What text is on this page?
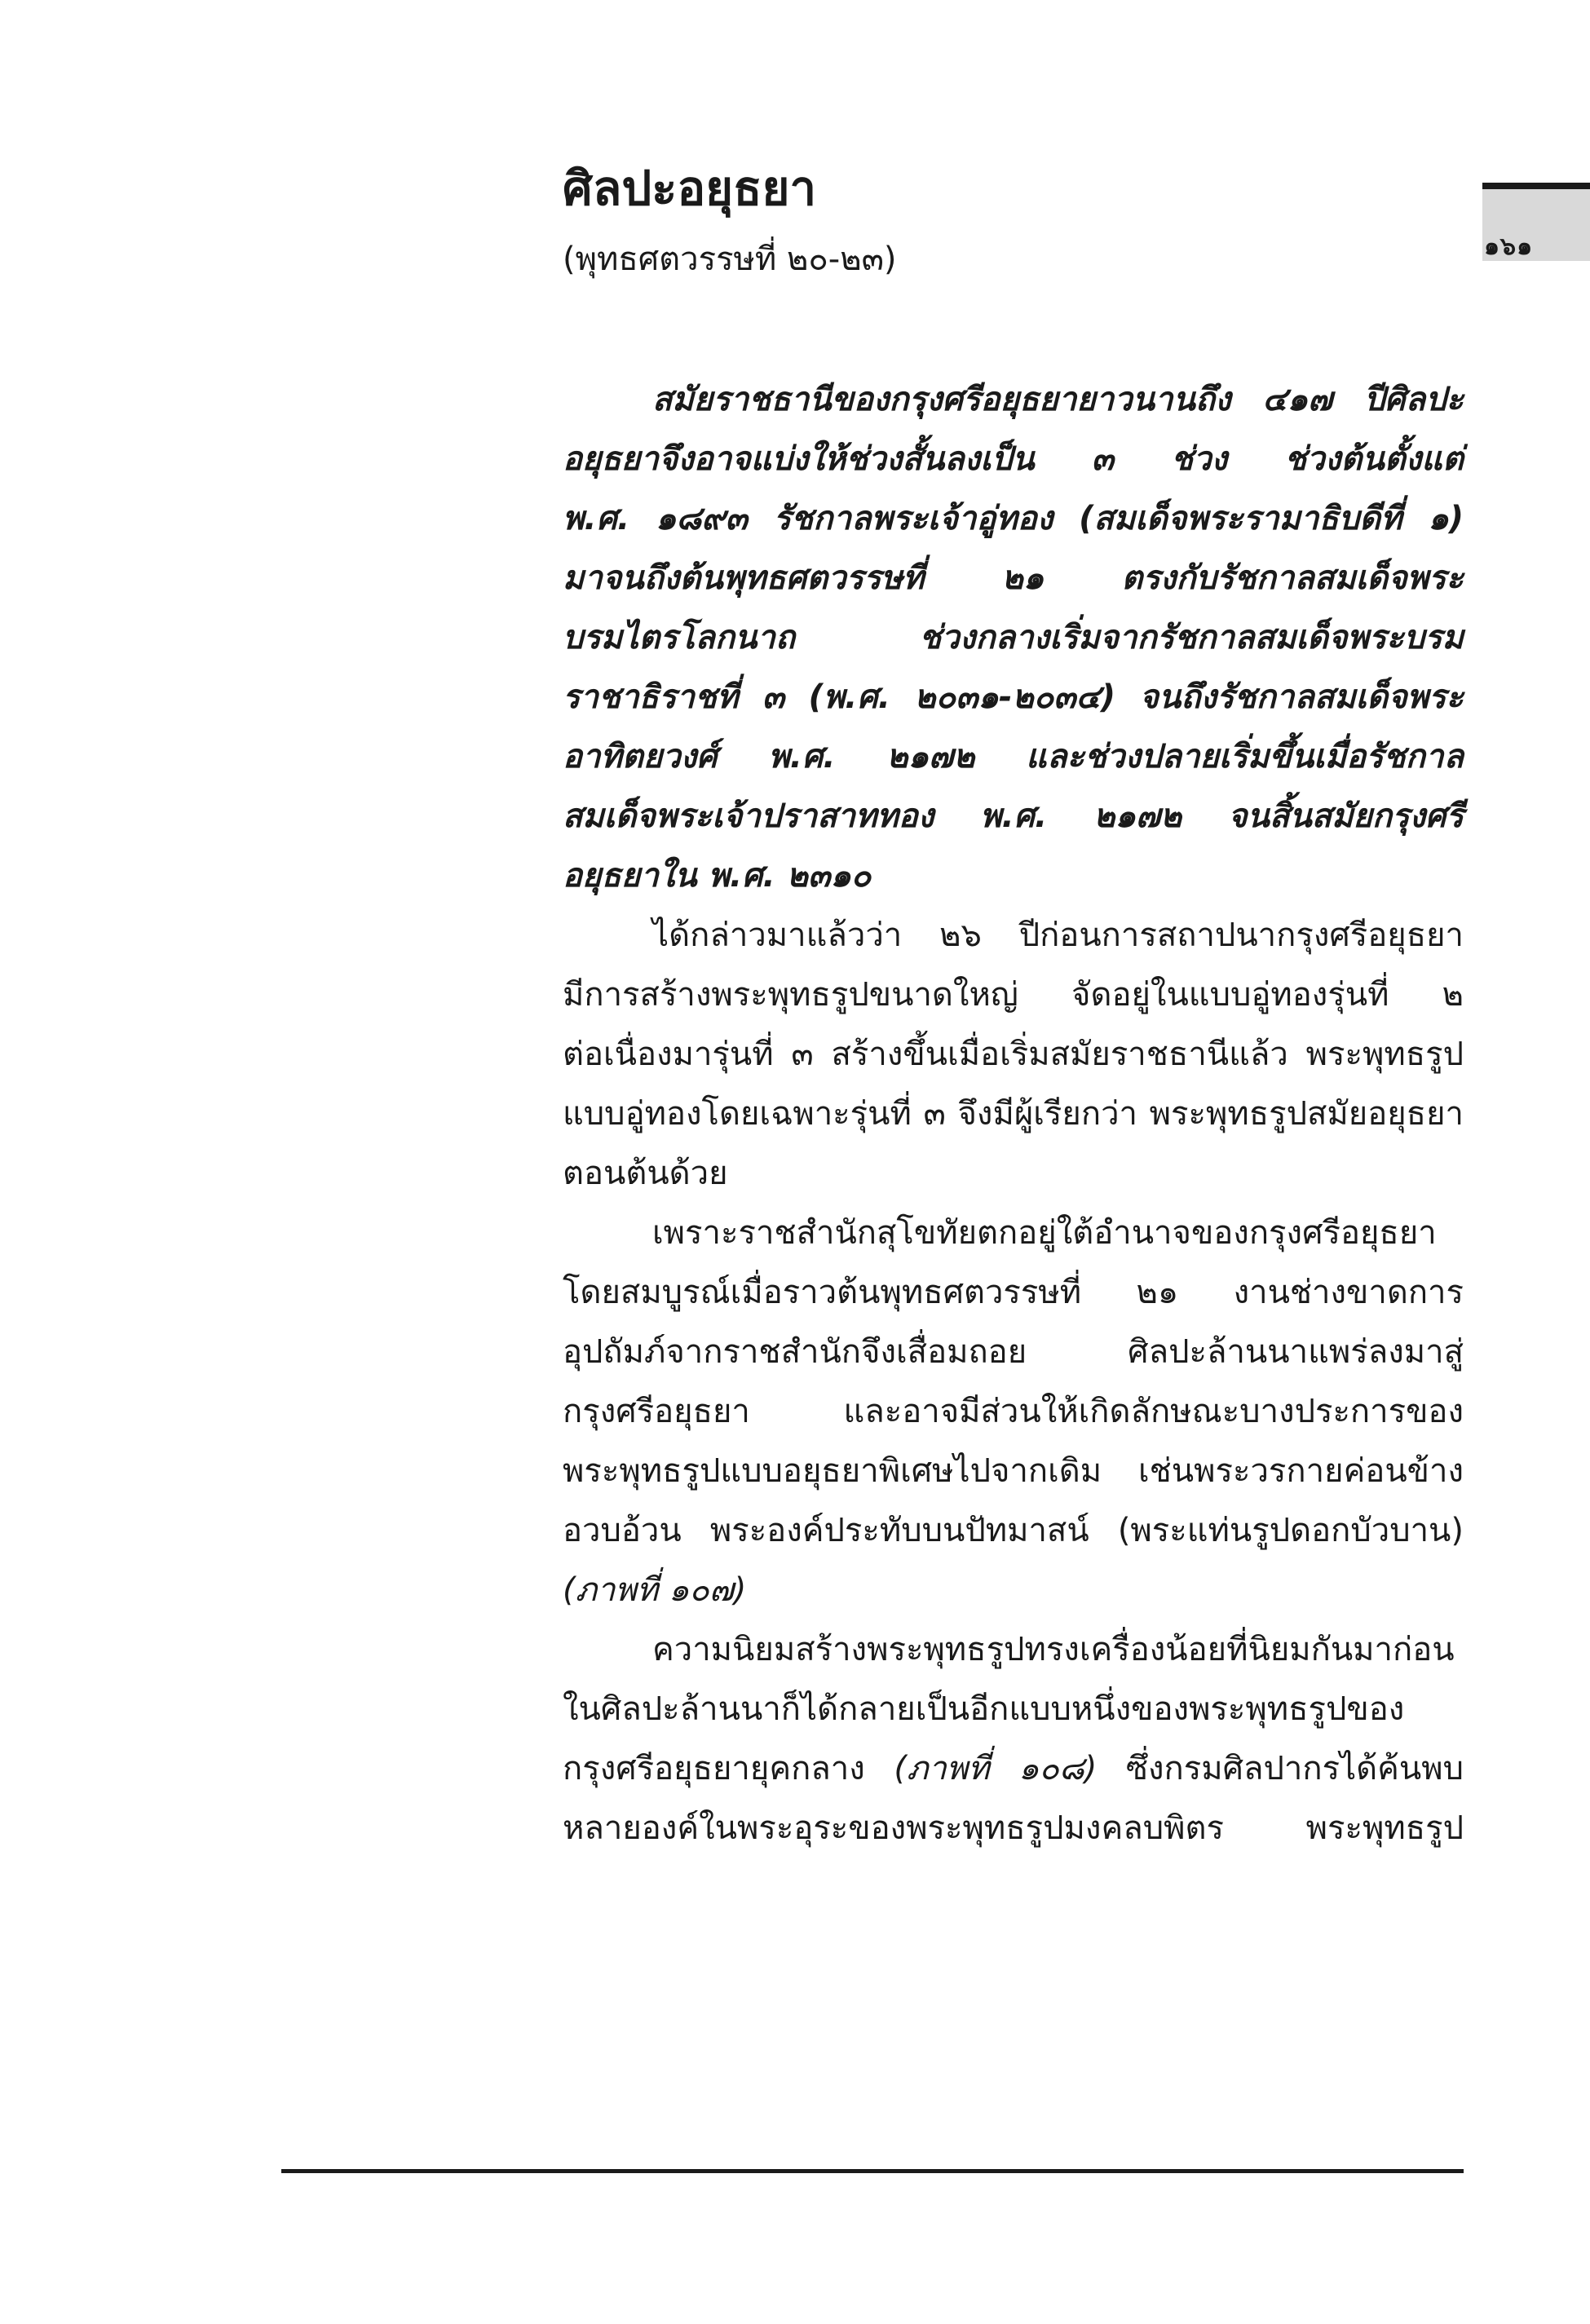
๑๖๑
ศิลปะอยุธยา
(พุทธศตวรรษที่ ๒๐-๒๓)

สมัยราชธานีของกรุงศรีอยุธยายาวนานถึง ๔๑๗ ปีศิลปะ
อยุธยาจึงอาจแบ่งให้ช่วงสั้นลงเป็น ๓ ช่วง ช่วงต้นตั้งแต่
พ.ศ. ๑๘๙๓ รัชกาลพระเจ้าอู่ทอง (สมเด็จพระรามาธิบดีที่ ๑)
มาจนถึงต้นพุทธศตวรรษที่ ๒๑ ตรงกับรัชกาลสมเด็จพระ
บรมไตรโลกนาถ ช่วงกลางเริ่มจากรัชกาลสมเด็จพระบรม
ราชาธิราชที่ ๓ (พ.ศ. ๒๐๓๑-๒๐๓๔) จนถึงรัชกาลสมเด็จพระ
อาทิตยวงศ์ พ.ศ. ๒๑๗๒ และช่วงปลายเริ่มขึ้นเมื่อรัชกาล
สมเด็จพระเจ้าปราสาททอง พ.ศ. ๒๑๗๒ จนสิ้นสมัยกรุงศรี
อยุธยาใน พ.ศ. ๒๓๑๐

ได้กล่าวมาแล้วว่า ๒๖ ปีก่อนการสถาปนากรุงศรีอยุธยา
มีการสร้างพระพุทธรูปขนาดใหญ่ จัดอยู่ในแบบอู่ทองรุ่นที่ ๒
ต่อเนื่องมารุ่นที่ ๓ สร้างขึ้นเมื่อเริ่มสมัยราชธานีแล้ว พระพุทธรูป
แบบอู่ทองโดยเฉพาะรุ่นที่ ๓ จึงมีผู้เรียกว่า พระพุทธรูปสมัยอยุธยา
ตอนต้นด้วย

เพราะราชสำนักสุโขทัยตกอยู่ใต้อำนาจของกรุงศรีอยุธยา
โดยสมบูรณ์เมื่อราวต้นพุทธศตวรรษที่ ๒๑ งานช่างขาดการ
อุปถัมภ์จากราชสำนักจึงเสื่อมถอย ศิลปะล้านนาแพร่ลงมาสู่
กรุงศรีอยุธยา และอาจมีส่วนให้เกิดลักษณะบางประการของ
พระพุทธรูปแบบอยุธยาพิเศษไปจากเดิม เช่นพระวรกายค่อนข้าง
อวบอ้วน พระองค์ประทับบนปัทมาสน์ (พระแท่นรูปดอกบัวบาน)
(ภาพที่ ๑๐๗)

ความนิยมสร้างพระพุทธรูปทรงเครื่องน้อยที่นิยมกันมาก่อน
ในศิลปะล้านนาก็ได้กลายเป็นอีกแบบหนึ่งของพระพุทธรูปของ
กรุงศรีอยุธยายุคกลาง (ภาพที่ ๑๐๘) ซึ่งกรมศิลปากรได้ค้นพบ
หลายองค์ในพระอุระของพระพุทธรูปมงคลบพิตร พระพุทธรูป
